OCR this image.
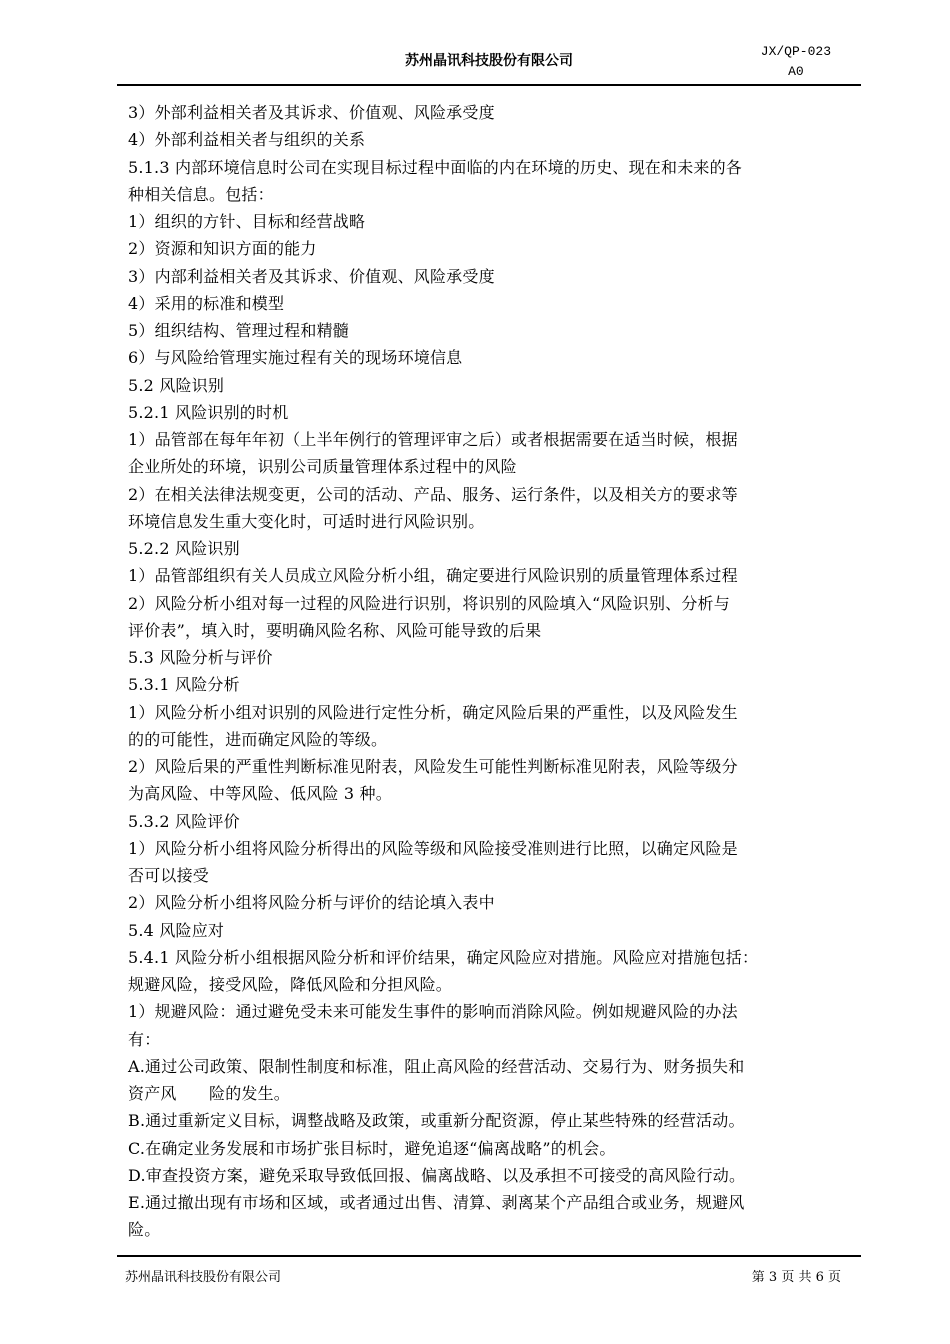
苏州晶讯科技股份有限公司
JX/QP-023
A0
3）外部利益相关者及其诉求、价值观、风险承受度
4）外部利益相关者与组织的关系
5.1.3 内部环境信息时公司在实现目标过程中面临的内在环境的历史、现在和未来的各
种相关信息。包括：
1）组织的方针、目标和经营战略
2）资源和知识方面的能力
3）内部利益相关者及其诉求、价值观、风险承受度
4）采用的标准和模型
5）组织结构、管理过程和精髓
6）与风险给管理实施过程有关的现场环境信息
5.2 风险识别
5.2.1 风险识别的时机
1）品管部在每年年初（上半年例行的管理评审之后）或者根据需要在适当时候，根据
企业所处的环境，识别公司质量管理体系过程中的风险
2）在相关法律法规变更，公司的活动、产品、服务、运行条件，以及相关方的要求等
环境信息发生重大变化时，可适时进行风险识别。
5.2.2 风险识别
1）品管部组织有关人员成立风险分析小组，确定要进行风险识别的质量管理体系过程
2）风险分析小组对每一过程的风险进行识别，将识别的风险填入“风险识别、分析与
评价表”，填入时，要明确风险名称、风险可能导致的后果
5.3 风险分析与评价
5.3.1 风险分析
1）风险分析小组对识别的风险进行定性分析，确定风险后果的严重性，以及风险发生
的的可能性，进而确定风险的等级。
2）风险后果的严重性判断标准见附表，风险发生可能性判断标准见附表，风险等级分
为高风险、中等风险、低风险 3 种。
5.3.2 风险评价
1）风险分析小组将风险分析得出的风险等级和风险接受准则进行比照，以确定风险是
否可以接受
2）风险分析小组将风险分析与评价的结论填入表中
5.4 风险应对
5.4.1 风险分析小组根据风险分析和评价结果，确定风险应对措施。风险应对措施包括：
规避风险，接受风险，降低风险和分担风险。
1）规避风险：通过避免受未来可能发生事件的影响而消除风险。例如规避风险的办法
有：
A.通过公司政策、限制性制度和标准，阻止高风险的经营活动、交易行为、财务损失和
资产风　　险的发生。
B.通过重新定义目标，调整战略及政策，或重新分配资源，停止某些特殊的经营活动。
C.在确定业务发展和市场扩张目标时，避免追逐“偏离战略”的机会。
D.审查投资方案，避免采取导致低回报、偏离战略、以及承担不可接受的高风险行动。
E.通过撤出现有市场和区域，或者通过出售、清算、剥离某个产品组合或业务，规避风
险。
苏州晶讯科技股份有限公司	第 3 页 共 6 页
